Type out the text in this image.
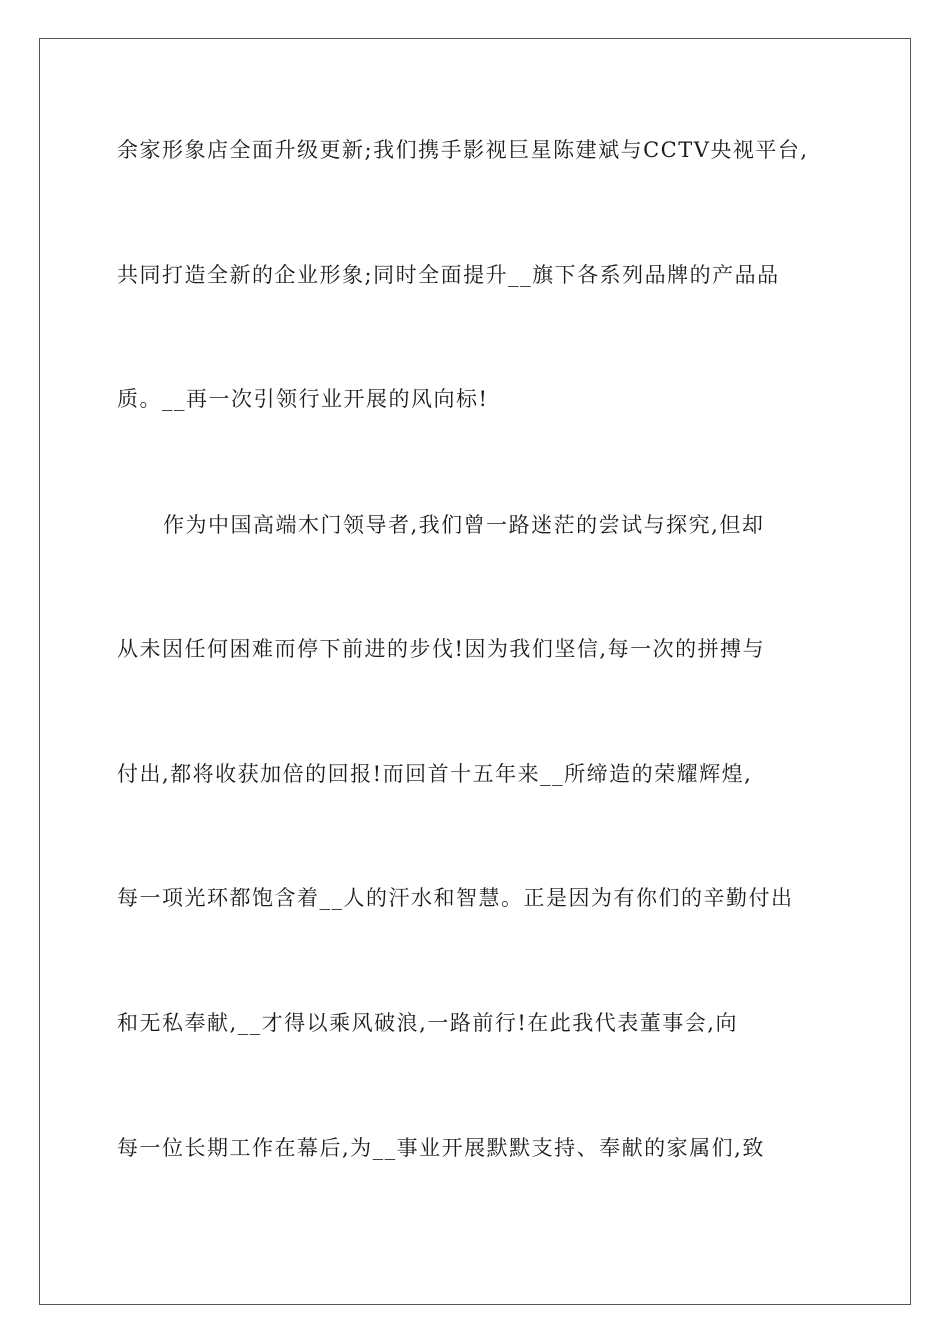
余家形象店全面升级更新;我们携手影视巨星陈建斌与CCTV央视平台,
共同打造全新的企业形象;同时全面提升__旗下各系列品牌的产品品
质。__再一次引领行业开展的风向标!
作为中国高端木门领导者,我们曾一路迷茫的尝试与探究,但却
从未因任何困难而停下前进的步伐!因为我们坚信,每一次的拼搏与
付出,都将收获加倍的回报!而回首十五年来__所缔造的荣耀辉煌,
每一项光环都饱含着__人的汗水和智慧。正是因为有你们的辛勤付出
和无私奉献,__才得以乘风破浪,一路前行!在此我代表董事会,向
每一位长期工作在幕后,为__事业开展默默支持、奉献的家属们,致
